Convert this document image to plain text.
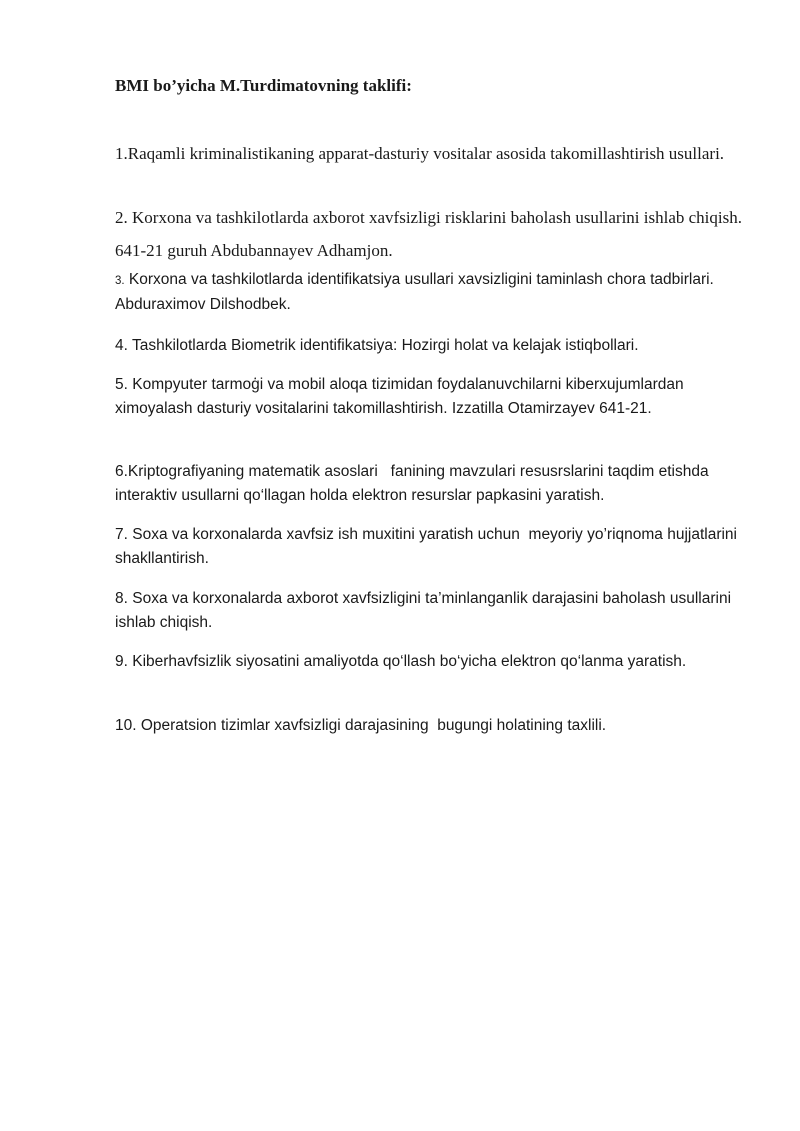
BMI bo’yicha M.Turdimatovning taklifi:

1.Raqamli kriminalistikaning apparat-dasturiy vositalar asosida takomillashtirish usullari.

2. Korxona va tashkilotlarda axborot xavfsizligi risklarini baholash usullarini ishlab chiqish. 641-21 guruh Abdubannayev Adhamjon.

3. Korxona va tashkilotlarda identifikatsiya usullari xavsizligini taminlash chora tadbirlari.    Abduraximov Dilshodbek.

4. Tashkilotlarda Biometrik identifikatsiya: Hozirgi holat va kelajak istiqbollari.

5. Kompyuter tarmoģi va mobil aloqa tizimidan foydalanuvchilarni kiberxujumlardan ximoyalash dasturiy vositalarini takomillashtirish. Izzatilla Otamirzayev 641-21.

6.Kriptografiyaning matematik asoslari   fanining mavzulari resusrslarini taqdim etishda interaktiv usullarni qo‘llagan holda elektron resurslar papkasini yaratish.

7. Soxa va korxonalarda xavfsiz ish muxitini yaratish uchun  meyoriy yo’riqnoma hujjatlarini shakllantirish.

8. Soxa va korxonalarda axborot xavfsizligini ta’minlanganlik darajasini baholash usullarini ishlab chiqish.

9. Kiberhavfsizlik siyosatini amaliyotda qo‘llash bo‘yicha elektron qo‘lanma yaratish.

10. Operatsion tizimlar xavfsizligi darajasining  bugungi holatining taxlili.
